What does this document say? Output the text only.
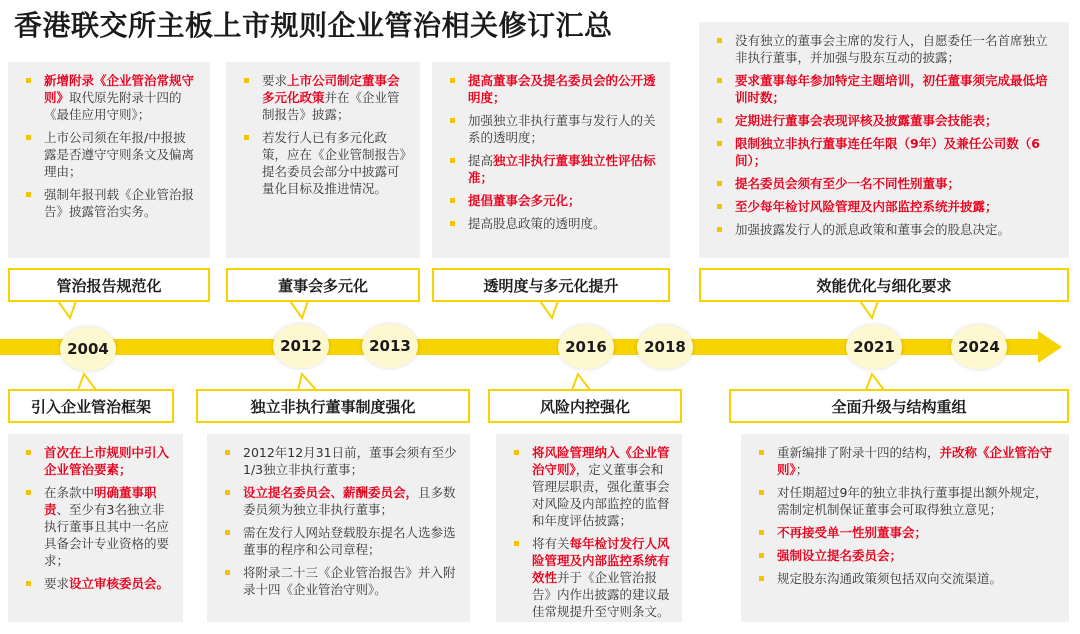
香港联交所主板上市规则企业管治相关修订汇总
新增附录《企业管治常规守则》取代原先附录十四的《最佳应用守则》；
上市公司须在年报/中报披露是否遵守守则条文及偏离理由；
强制年报刊载《企业管治报告》披露管治实务。
要求上市公司制定董事会多元化政策并在《企业管制报告》披露；
若发行人已有多元化政策，应在《企业管制报告》提名委员会部分中披露可量化目标及推进情况。
提高董事会及提名委员会的公开透明度；
加强独立非执行董事与发行人的关系的透明度；
提高独立非执行董事独立性评估标准；
提倡董事会多元化；
提高股息政策的透明度。
没有独立的董事会主席的发行人，自愿委任一名首席独立非执行董事，并加强与股东互动的披露；
要求董事每年参加特定主题培训，初任董事须完成最低培训时数；
定期进行董事会表现评核及披露董事会技能表；
限制独立非执行董事连任年限（9年）及兼任公司数（6间）；
提名委员会须有至少一名不同性别董事；
至少每年检讨风险管理及内部监控系统并披露；
加强披露发行人的派息政策和董事会的股息决定。
管治报告规范化	董事会多元化	透明度与多元化提升	效能优化与细化要求
2004	2012	2013	2016	2018	2021	2024
引入企业管治框架	独立非执行董事制度强化	风险内控强化	全面升级与结构重组
首次在上市规则中引入企业管治要素；
在条款中明确董事职责、至少有3名独立非执行董事且其中一名应具备会计专业资格的要求；
要求设立审核委员会。
2012年12月31日前，董事会须有至少1/3独立非执行董事；
设立提名委员会、薪酬委员会，且多数委员须为独立非执行董事；
需在发行人网站登载股东提名人选参选董事的程序和公司章程；
将附录二十三《企业管治报告》并入附录十四《企业管治守则》。
将风险管理纳入《企业管治守则》，定义董事会和管理层职责，强化董事会对风险及内部监控的监督和年度评估披露；
将有关每年检讨发行人风险管理及内部监控系统有效性并于《企业管治报告》内作出披露的建议最佳常规提升至守则条文。
重新编排了附录十四的结构，并改称《企业管治守则》；
对任期超过9年的独立非执行董事提出额外规定，需制定机制保证董事会可取得独立意见；
不再接受单一性别董事会；
强制设立提名委员会；
规定股东沟通政策须包括双向交流渠道。
